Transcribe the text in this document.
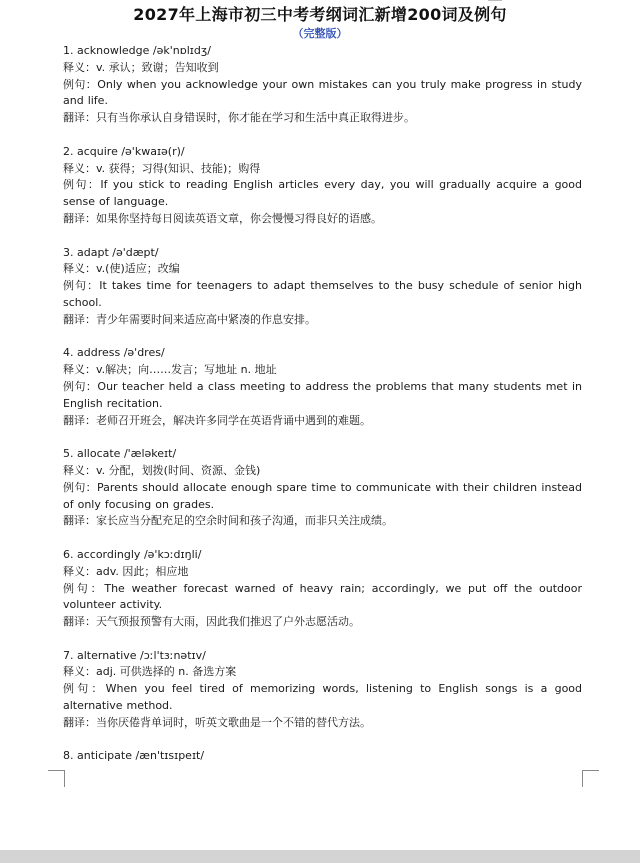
2027年上海市初三中考考纲词汇新增200词及例句
（完整版）
1. acknowledge /ək'nɒlɪdʒ/
释义：v. 承认；致谢；告知收到
例句：Only when you acknowledge your own mistakes can you truly make progress in study and life.
翻译：只有当你承认自身错误时，你才能在学习和生活中真正取得进步。
2. acquire /ə'kwaɪə(r)/
释义：v. 获得；习得(知识、技能)；购得
例句：If you stick to reading English articles every day, you will gradually acquire a good sense of language.
翻译：如果你坚持每日阅读英语文章，你会慢慢习得良好的语感。
3. adapt /ə'dæpt/
释义：v.(使)适应；改编
例句：It takes time for teenagers to adapt themselves to the busy schedule of senior high school.
翻译：青少年需要时间来适应高中紧凑的作息安排。
4. address /ə'dres/
释义：v.解决；向……发言；写地址 n. 地址
例句：Our teacher held a class meeting to address the problems that many students met in English recitation.
翻译：老师召开班会，解决许多同学在英语背诵中遇到的难题。
5. allocate /'æləkeɪt/
释义：v. 分配，划拨(时间、资源、金钱)
例句：Parents should allocate enough spare time to communicate with their children instead of only focusing on grades.
翻译：家长应当分配充足的空余时间和孩子沟通，而非只关注成绩。
6. accordingly /ə'kɔːdɪŋli/
释义：adv. 因此；相应地
例句：The weather forecast warned of heavy rain; accordingly, we put off the outdoor volunteer activity.
翻译：天气预报预警有大雨，因此我们推迟了户外志愿活动。
7. alternative /ɔːl'tɜːnətɪv/
释义：adj. 可供选择的 n. 备选方案
例句：When you feel tired of memorizing words, listening to English songs is a good alternative method.
翻译：当你厌倦背单词时，听英文歌曲是一个不错的替代方法。
8. anticipate /æn'tɪsɪpeɪt/
